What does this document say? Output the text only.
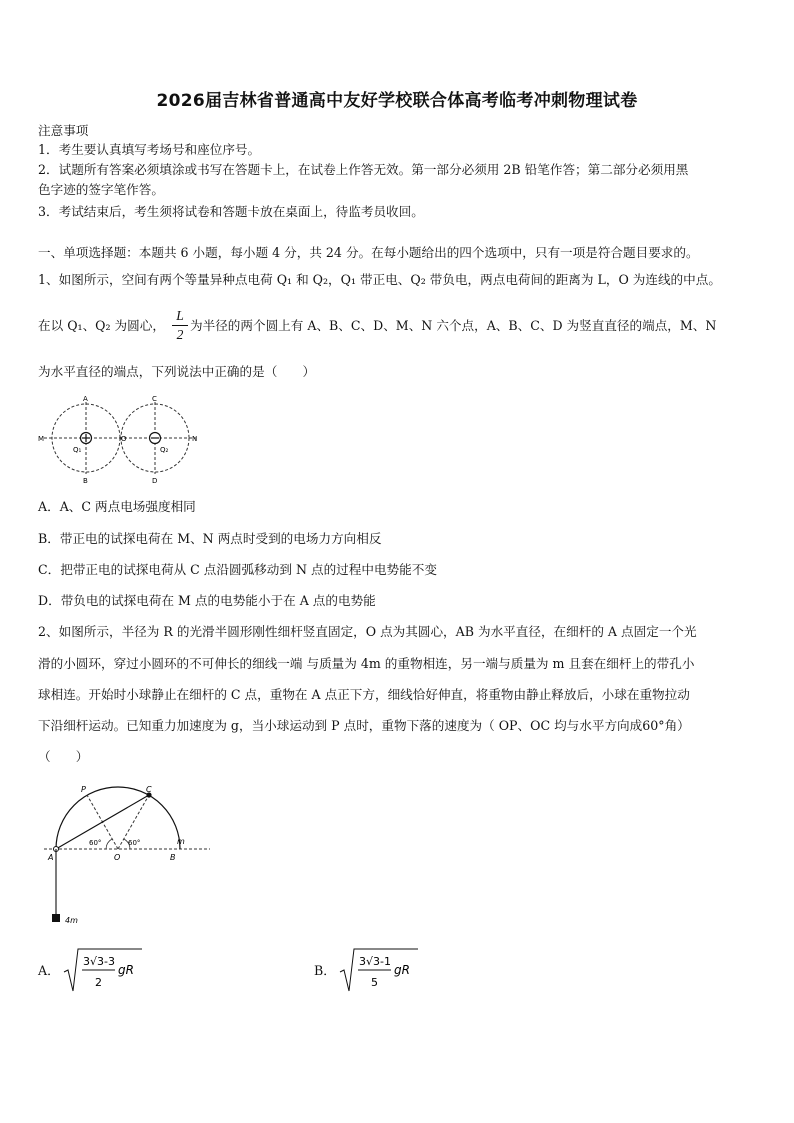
2026届吉林省普通高中友好学校联合体高考临考冲刺物理试卷
注意事项
1．考生要认真填写考场号和座位序号。
2．试题所有答案必须填涂或书写在答题卡上，在试卷上作答无效。第一部分必须用 2B 铅笔作答；第二部分必须用黑
色字迹的签字笔作答。
3．考试结束后，考生须将试卷和答题卡放在桌面上，待监考员收回。
一、单项选择题：本题共 6 小题，每小题 4 分，共 24 分。在每小题给出的四个选项中，只有一项是符合题目要求的。
1、如图所示，空间有两个等量异种点电荷 Q₁ 和 Q₂，Q₁ 带正电、Q₂ 带负电，两点电荷间的距离为 L，O 为连线的中点。
在以 Q₁、Q₂ 为圆心，
L
2
为半径的两个圆上有 A、B、C、D、M、N 六个点，A、B、C、D 为竖直直径的端点，M、N
为水平直径的端点，下列说法中正确的是（　　）
A	C
M	O	N
B	D
Q₁	Q₂
A．A、C 两点电场强度相同
B．带正电的试探电荷在 M、N 两点时受到的电场力方向相反
C．把带正电的试探电荷从 C 点沿圆弧移动到 N 点的过程中电势能不变
D．带负电的试探电荷在 M 点的电势能小于在 A 点的电势能
2、如图所示，半径为 R 的光滑半圆形刚性细杆竖直固定，O 点为其圆心，AB 为水平直径，在细杆的 A 点固定一个光
滑的小圆环，穿过小圆环的不可伸长的细线一端 与质量为 4m 的重物相连，另一端与质量为 m 且套在细杆上的带孔小
球相连。开始时小球静止在细杆的 C 点，重物在 A 点正下方，细线恰好伸直，将重物由静止释放后，小球在重物拉动
下沿细杆运动。已知重力加速度为 g，当小球运动到 P 点时，重物下落的速度为（ OP、OC 均与水平方向成60°角）
（　　）
P	C
A	O	B
m
60°	60°
4m
A．
3√3-3
2
gR	B．
3√3-1
5
gR
